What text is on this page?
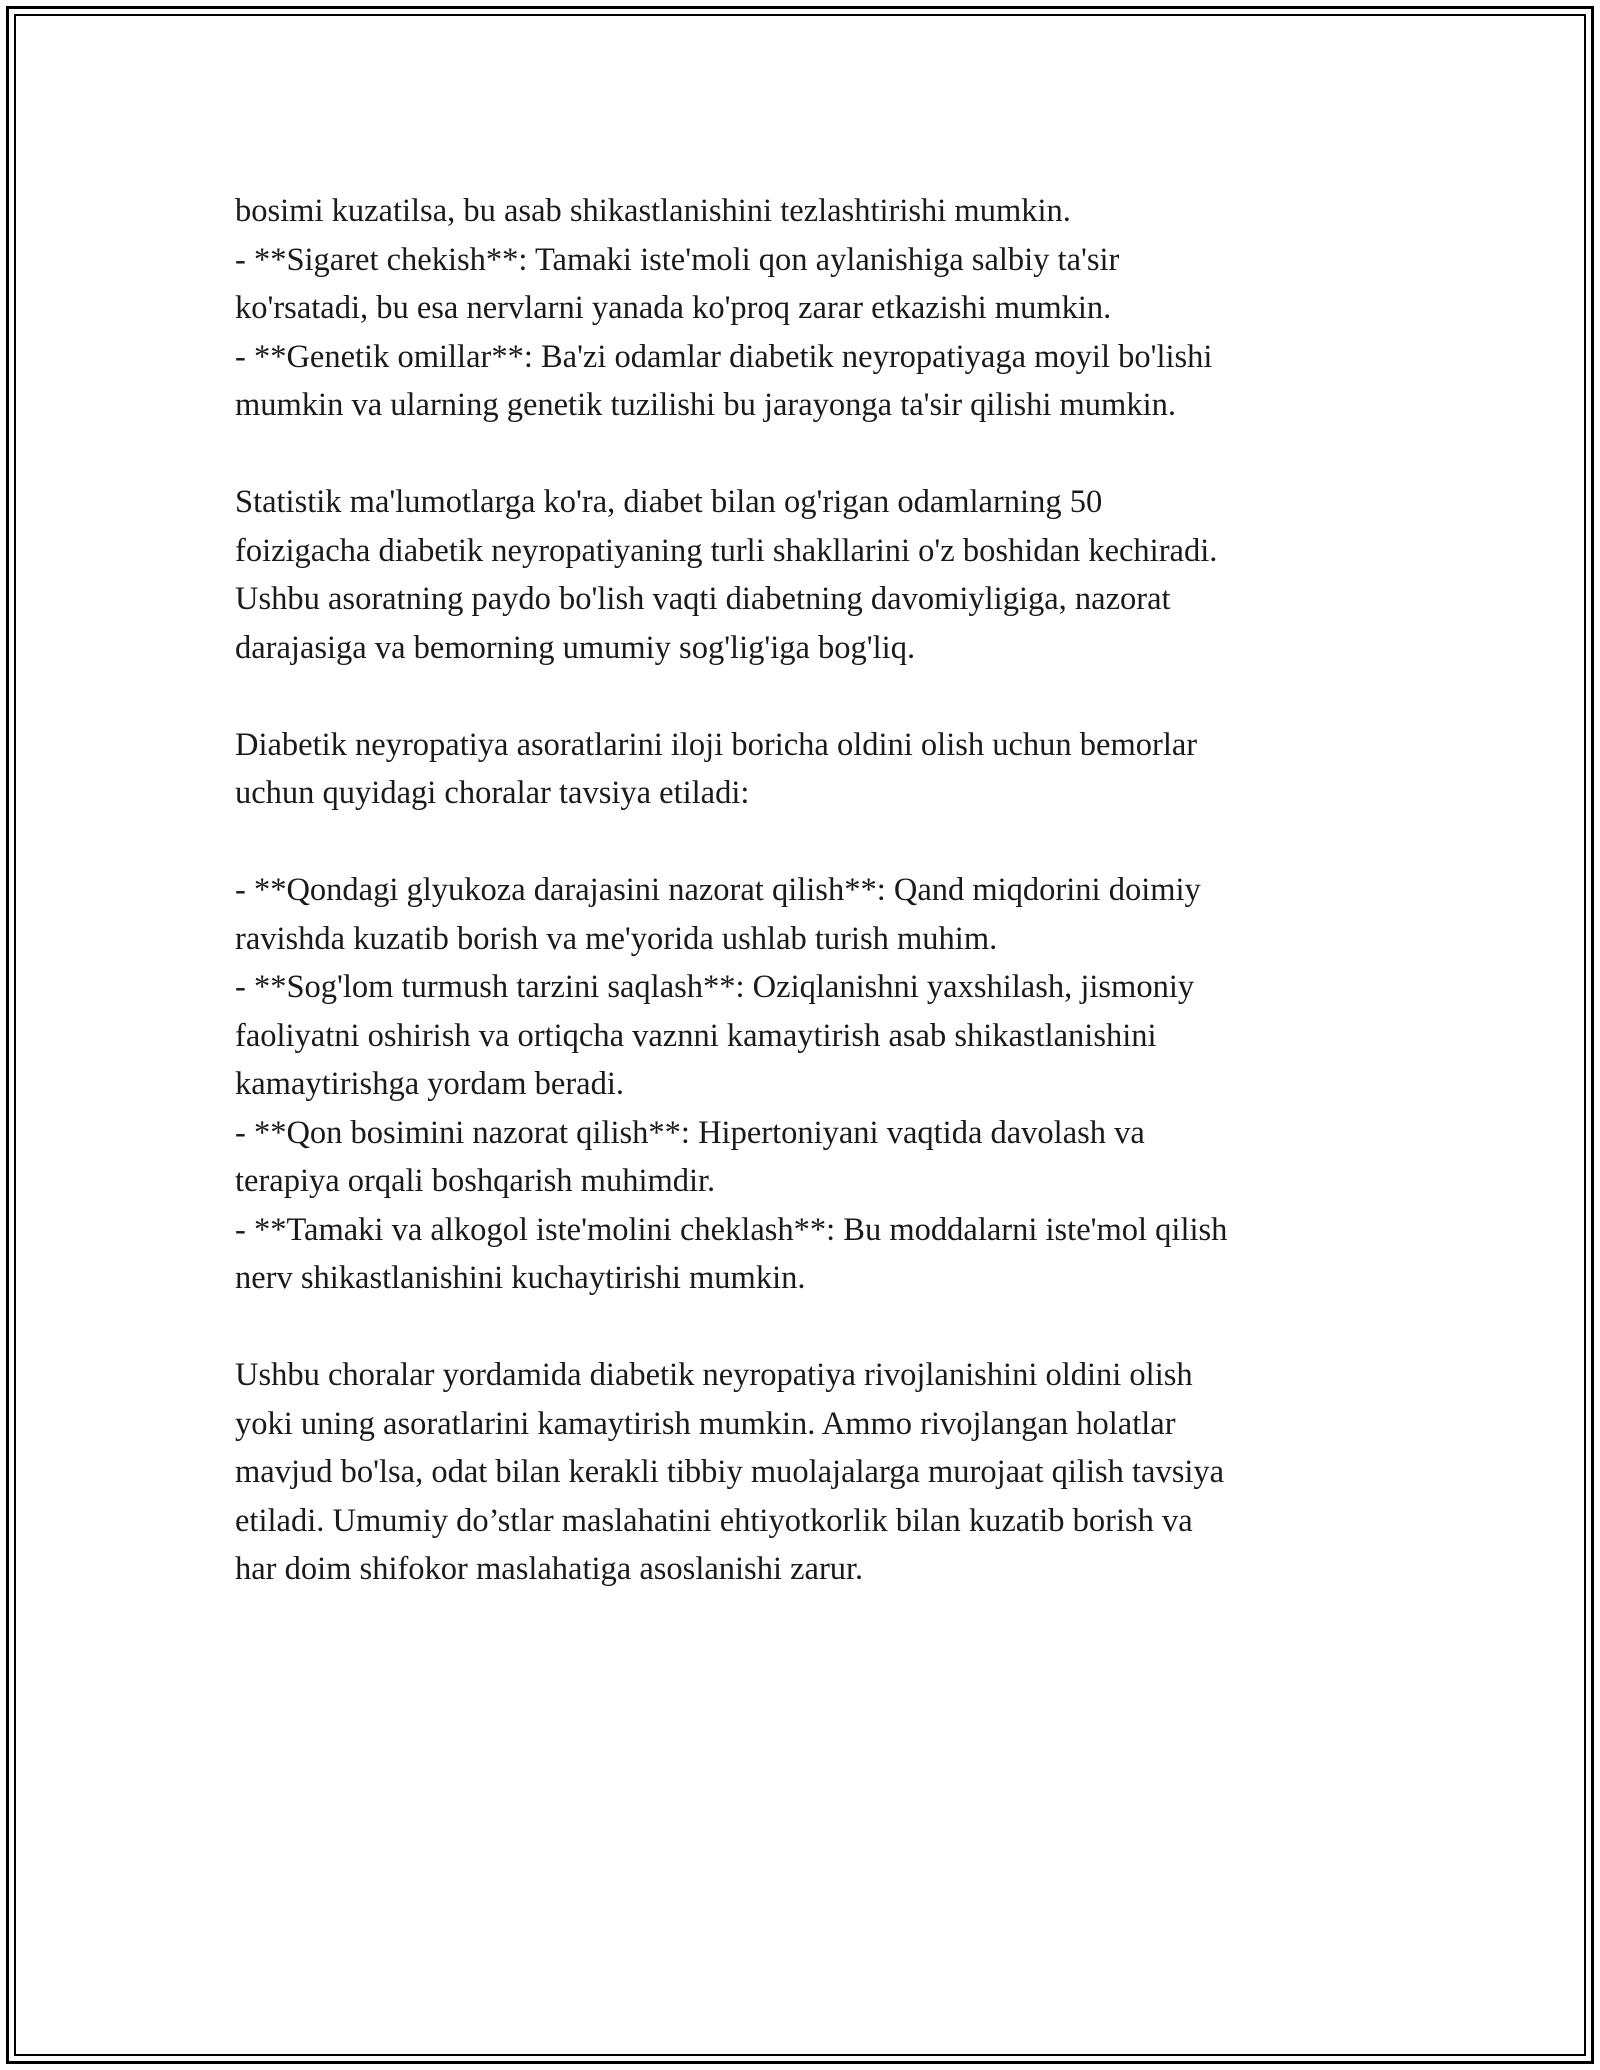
bosimi kuzatilsa, bu asab shikastlanishini tezlashtirishi mumkin.
- **Sigaret chekish**: Tamaki iste'moli qon aylanishiga salbiy ta'sir
ko'rsatadi, bu esa nervlarni yanada ko'proq zarar etkazishi mumkin.
- **Genetik omillar**: Ba'zi odamlar diabetik neyropatiyaga moyil bo'lishi
mumkin va ularning genetik tuzilishi bu jarayonga ta'sir qilishi mumkin.
Statistik ma'lumotlarga ko'ra, diabet bilan og'rigan odamlarning 50
foizigacha diabetik neyropatiyaning turli shakllarini o'z boshidan kechiradi.
Ushbu asoratning paydo bo'lish vaqti diabetning davomiyligiga, nazorat
darajasiga va bemorning umumiy sog'lig'iga bog'liq.
Diabetik neyropatiya asoratlarini iloji boricha oldini olish uchun bemorlar
uchun quyidagi choralar tavsiya etiladi:
- **Qondagi glyukoza darajasini nazorat qilish**: Qand miqdorini doimiy
ravishda kuzatib borish va me'yorida ushlab turish muhim.
- **Sog'lom turmush tarzini saqlash**: Oziqlanishni yaxshilash, jismoniy
faoliyatni oshirish va ortiqcha vaznni kamaytirish asab shikastlanishini
kamaytirishga yordam beradi.
- **Qon bosimini nazorat qilish**: Hipertoniyani vaqtida davolash va
terapiya orqali boshqarish muhimdir.
- **Tamaki va alkogol iste'molini cheklash**: Bu moddalarni iste'mol qilish
nerv shikastlanishini kuchaytirishi mumkin.
Ushbu choralar yordamida diabetik neyropatiya rivojlanishini oldini olish
yoki uning asoratlarini kamaytirish mumkin. Ammo rivojlangan holatlar
mavjud bo'lsa, odat bilan kerakli tibbiy muolajalarga murojaat qilish tavsiya
etiladi. Umumiy do’stlar maslahatini ehtiyotkorlik bilan kuzatib borish va
har doim shifokor maslahatiga asoslanishi zarur.
